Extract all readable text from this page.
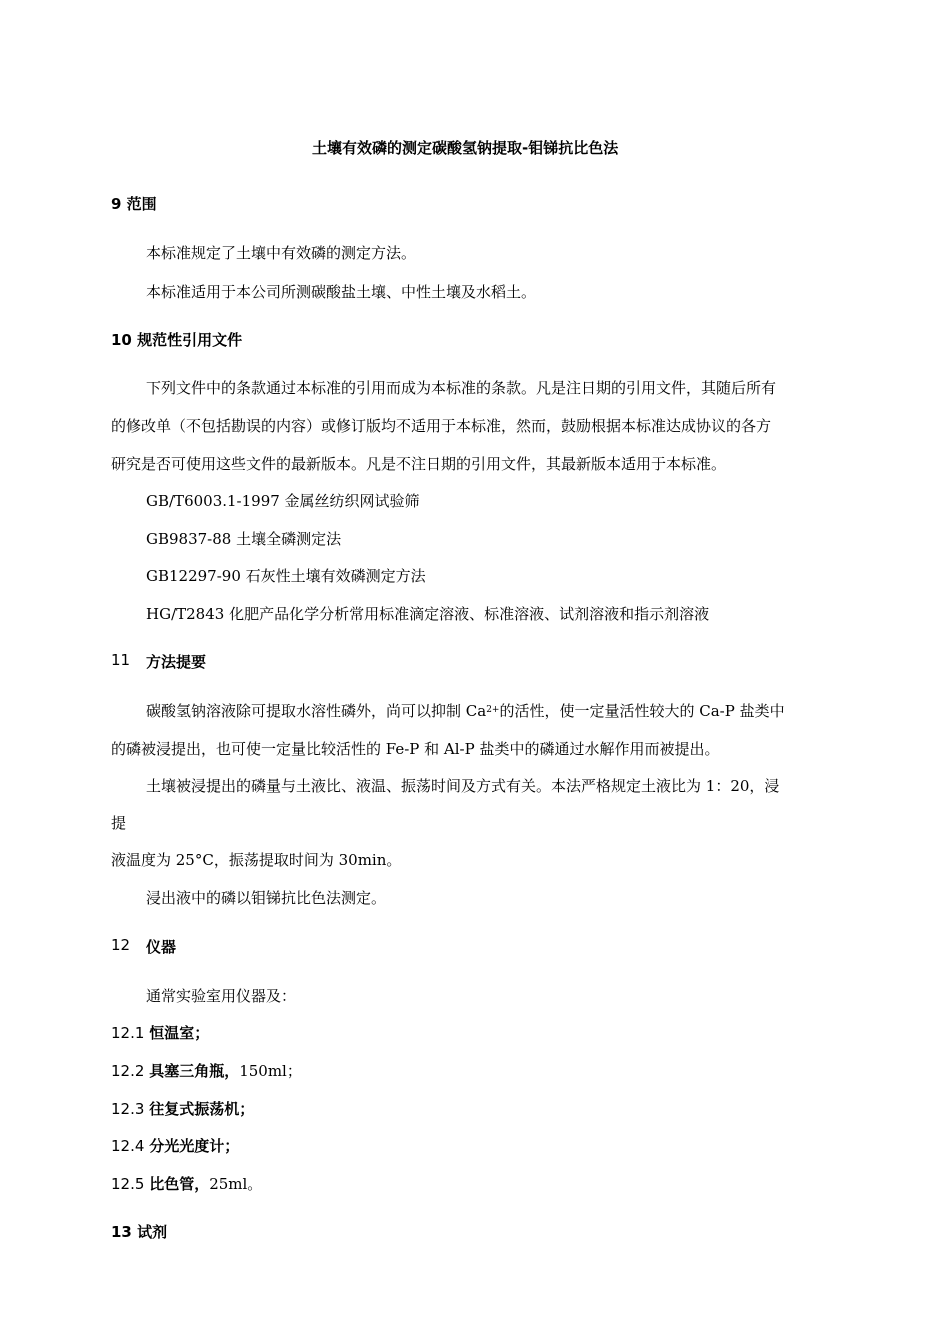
土壤有效磷的测定碳酸氢钠提取-钼锑抗比色法
9 范围
本标准规定了土壤中有效磷的测定方法。
本标准适用于本公司所测碳酸盐土壤、中性土壤及水稻土。
10 规范性引用文件
下列文件中的条款通过本标准的引用而成为本标准的条款。凡是注日期的引用文件，其随后所有
的修改单（不包括勘误的内容）或修订版均不适用于本标准，然而，鼓励根据本标准达成协议的各方
研究是否可使用这些文件的最新版本。凡是不注日期的引用文件，其最新版本适用于本标准。
GB/T6003.1-1997 金属丝纺织网试验筛
GB9837-88 土壤全磷测定法
GB12297-90 石灰性土壤有效磷测定方法
HG/T2843 化肥产品化学分析常用标准滴定溶液、标准溶液、试剂溶液和指示剂溶液
11 方法提要
碳酸氢钠溶液除可提取水溶性磷外，尚可以抑制 $Ca^{2+}$的活性，使一定量活性较大的 Ca-P 盐类中
的磷被浸提出，也可使一定量比较活性的 Fe-P 和 Al-P 盐类中的磷通过水解作用而被提出。
土壤被浸提出的磷量与土液比、液温、振荡时间及方式有关。本法严格规定土液比为 1：20，浸
提
液温度为 25°C，振荡提取时间为 30min。
浸出液中的磷以钼锑抗比色法测定。
12 仪器
通常实验室用仪器及：
12.1 恒温室；
12.2 具塞三角瓶，150ml；
12.3 往复式振荡机；
12.4 分光光度计；
12.5 比色管，25ml。
13 试剂
